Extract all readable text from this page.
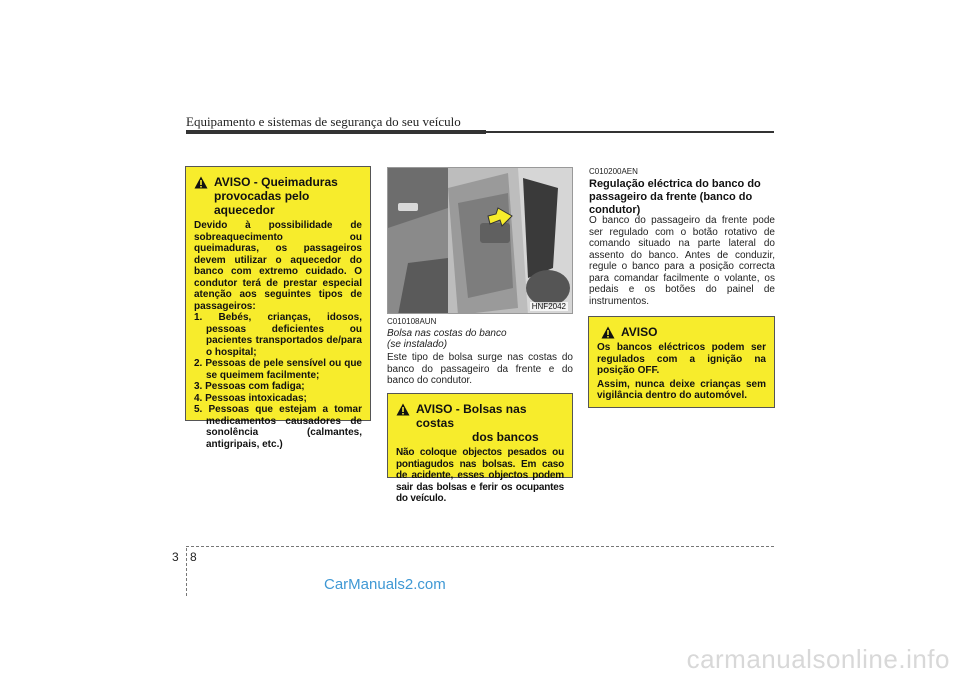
Equipamento e sistemas de segurança do seu veículo
AVISO - Queimaduras
provocadas pelo aquecedor
Devido à possibilidade de sobreaquecimento ou queimaduras, os passageiros devem utilizar o aquecedor do banco com extremo cuidado. O condutor terá de prestar especial atenção aos seguintes tipos de passageiros:
1. Bebés, crianças, idosos, pessoas deficientes ou pacientes transportados de/para o hospital;
2. Pessoas de pele sensível ou que se queimem facilmente;
3. Pessoas com fadiga;
4. Pessoas intoxicadas;
5. Pessoas que estejam a tomar medicamentos causadores de sonolência (calmantes, antigripais, etc.)
HNF2042
C010108AUN
Bolsa nas costas do banco
(se instalado)
Este tipo de bolsa surge nas costas do banco do passageiro da frente e do banco do condutor.
AVISO - Bolsas nas costas
dos bancos
Não coloque objectos pesados ou pontiagudos nas bolsas. Em caso de acidente, esses objectos podem sair das bolsas e ferir os ocupantes do veículo.
C010200AEN
Regulação eléctrica do banco do passageiro da frente (banco do condutor)
O banco do passageiro da frente pode ser regulado com o botão rotativo de comando situado na parte lateral do assento do banco. Antes de conduzir, regule o banco para a posição correcta para comandar facilmente o volante, os pedais e os botões do painel de instrumentos.
AVISO
Os bancos eléctricos podem ser regulados com a ignição na posição OFF.
Assim, nunca deixe crianças sem vigilância dentro do automóvel.
3 8
CarManuals2.com
carmanualsonline.info
